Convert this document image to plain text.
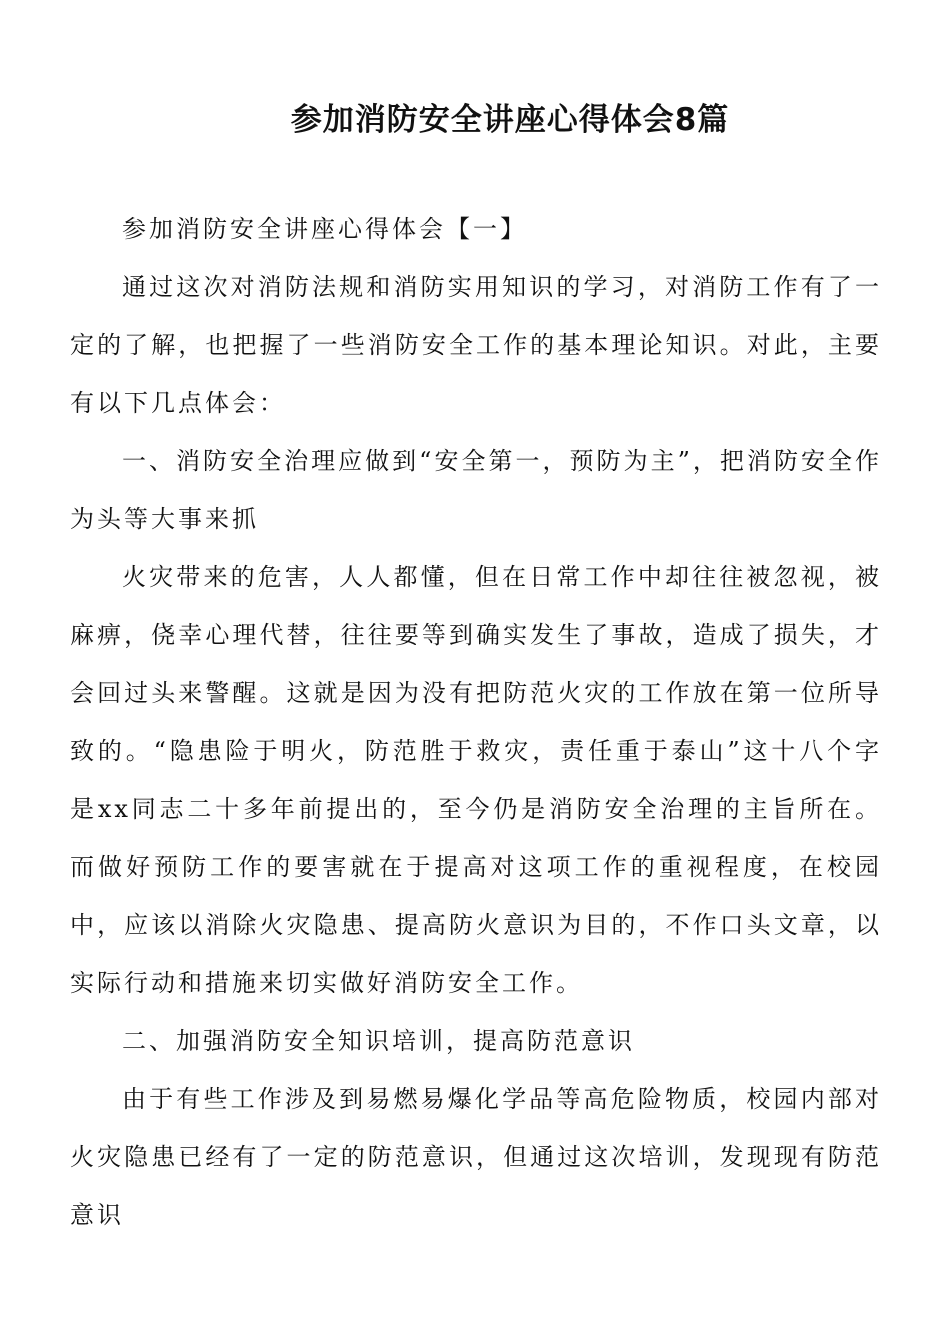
参加消防安全讲座心得体会8篇

参加消防安全讲座心得体会【一】

通过这次对消防法规和消防实用知识的学习，对消防工作有了一定的了解，也把握了一些消防安全工作的基本理论知识。对此，主要有以下几点体会：

一、消防安全治理应做到“安全第一，预防为主”，把消防安全作为头等大事来抓

火灾带来的危害，人人都懂，但在日常工作中却往往被忽视，被麻痹，侥幸心理代替，往往要等到确实发生了事故，造成了损失，才会回过头来警醒。这就是因为没有把防范火灾的工作放在第一位所导致的。“隐患险于明火，防范胜于救灾，责任重于泰山”这十八个字是xx同志二十多年前提出的，至今仍是消防安全治理的主旨所在。而做好预防工作的要害就在于提高对这项工作的重视程度，在校园中，应该以消除火灾隐患、提高防火意识为目的，不作口头文章，以实际行动和措施来切实做好消防安全工作。

二、加强消防安全知识培训，提高防范意识

由于有些工作涉及到易燃易爆化学品等高危险物质，校园内部对火灾隐患已经有了一定的防范意识，但通过这次培训，发现现有防范意识
